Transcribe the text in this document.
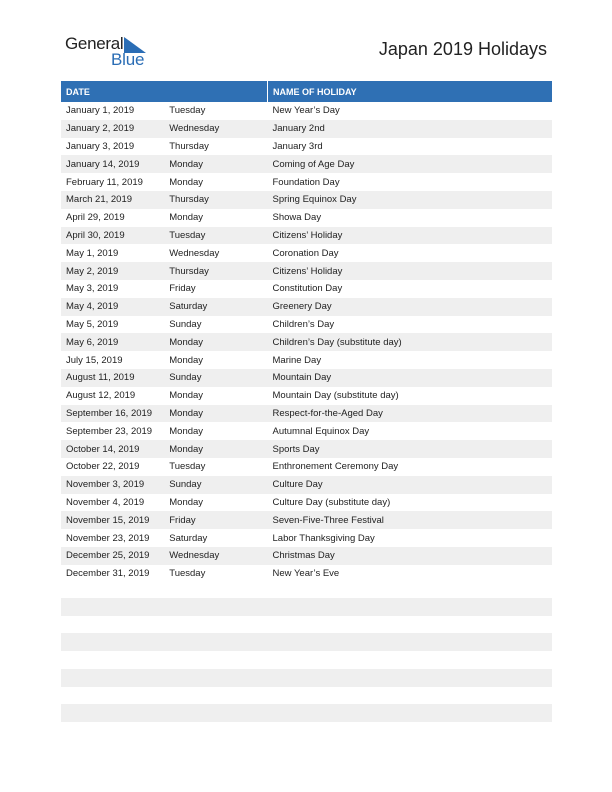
General
Blue
Japan 2019 Holidays
DATE		NAME OF HOLIDAY
January 1, 2019	Tuesday	New Year’s Day
January 2, 2019	Wednesday	January 2nd
January 3, 2019	Thursday	January 3rd
January 14, 2019	Monday	Coming of Age Day
February 11, 2019	Monday	Foundation Day
March 21, 2019	Thursday	Spring Equinox Day
April 29, 2019	Monday	Showa Day
April 30, 2019	Tuesday	Citizens’ Holiday
May 1, 2019	Wednesday	Coronation Day
May 2, 2019	Thursday	Citizens’ Holiday
May 3, 2019	Friday	Constitution Day
May 4, 2019	Saturday	Greenery Day
May 5, 2019	Sunday	Children’s Day
May 6, 2019	Monday	Children’s Day (substitute day)
July 15, 2019	Monday	Marine Day
August 11, 2019	Sunday	Mountain Day
August 12, 2019	Monday	Mountain Day (substitute day)
September 16, 2019	Monday	Respect-for-the-Aged Day
September 23, 2019	Monday	Autumnal Equinox Day
October 14, 2019	Monday	Sports Day
October 22, 2019	Tuesday	Enthronement Ceremony Day
November 3, 2019	Sunday	Culture Day
November 4, 2019	Monday	Culture Day (substitute day)
November 15, 2019	Friday	Seven-Five-Three Festival
November 23, 2019	Saturday	Labor Thanksgiving Day
December 25, 2019	Wednesday	Christmas Day
December 31, 2019	Tuesday	New Year’s Eve
